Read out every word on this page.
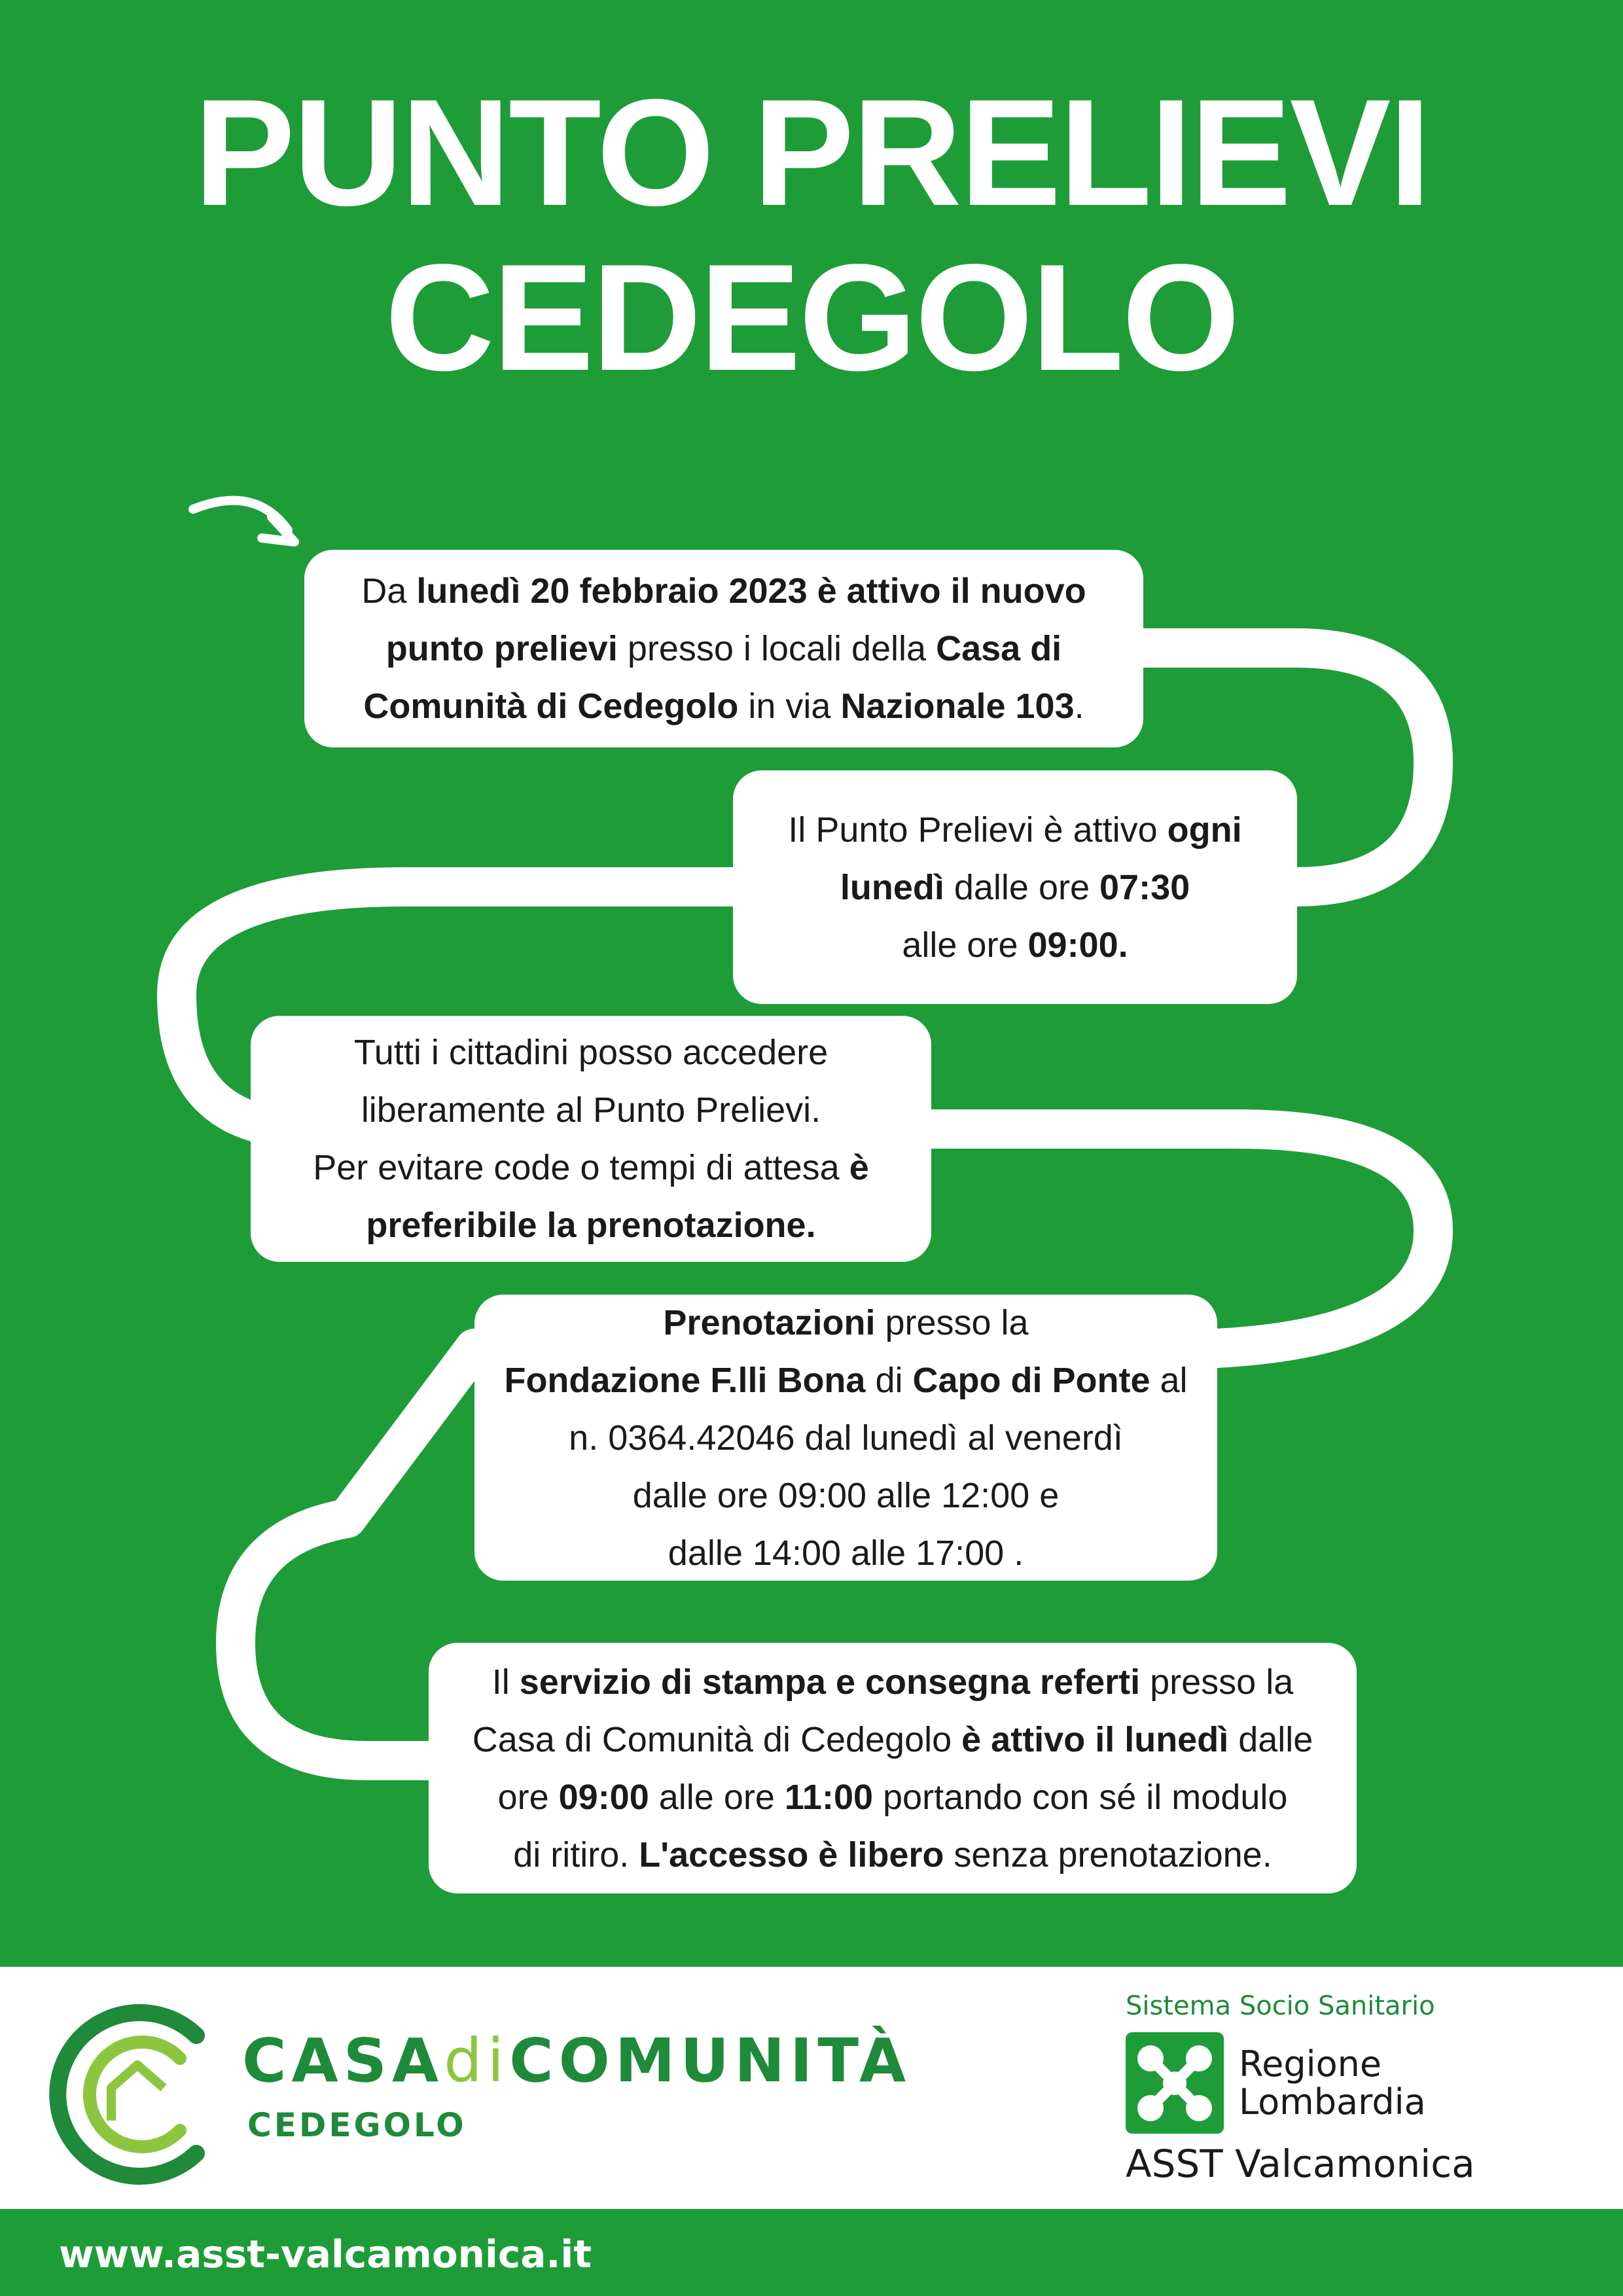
PUNTO PRELIEVI
CEDEGOLO
Da lunedì 20 febbraio 2023 è attivo il nuovo
punto prelievi presso i locali della Casa di
Comunità di Cedegolo in via Nazionale 103.
Il Punto Prelievi è attivo ogni
lunedì dalle ore 07:30
alle ore 09:00.
Tutti i cittadini posso accedere
liberamente al Punto Prelievi.
Per evitare code o tempi di attesa è
preferibile la prenotazione.
Prenotazioni presso la
Fondazione F.lli Bona di Capo di Ponte al
n. 0364.42046 dal lunedì al venerdì
dalle ore 09:00 alle 12:00 e
dalle 14:00 alle 17:00 .
Il servizio di stampa e consegna referti presso la
Casa di Comunità di Cedegolo è attivo il lunedì dalle
ore 09:00 alle ore 11:00 portando con sé il modulo
di ritiro. L'accesso è libero senza prenotazione.
CASAdiCOMUNITÀ
CEDEGOLO
Sistema Socio Sanitario
Regione
Lombardia
ASST Valcamonica
www.asst-valcamonica.it
